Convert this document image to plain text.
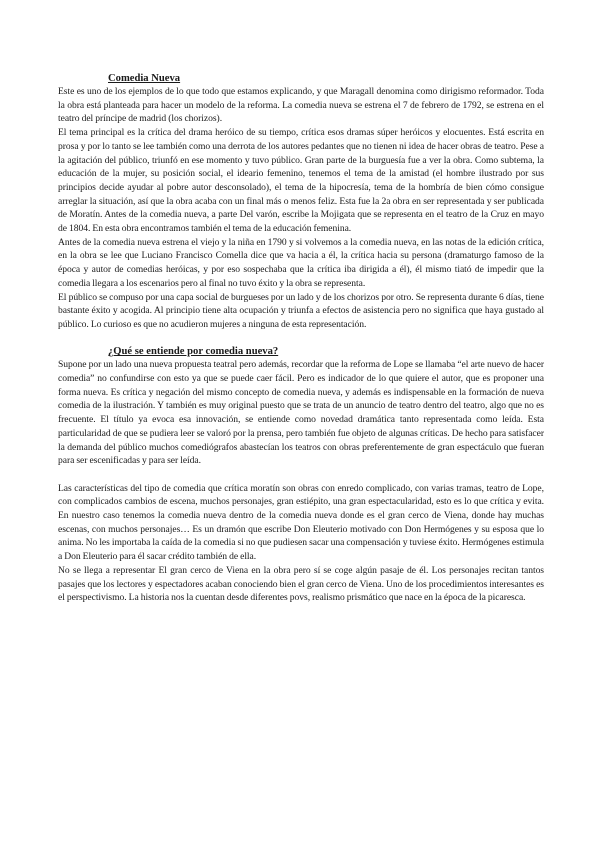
Comedia Nueva

Este es uno de los ejemplos de lo que todo que estamos explicando, y que Maragall denomina como dirigismo reformador. Toda la obra está planteada para hacer un modelo de la reforma. La comedia nueva se estrena el 7 de febrero de 1792, se estrena en el teatro del príncipe de madrid (los chorizos).

El tema principal es la crítica del drama heróico de su tiempo, crítica esos dramas súper heróicos y elocuentes. Está escrita en prosa y por lo tanto se lee también como una derrota de los autores pedantes que no tienen ni idea de hacer obras de teatro. Pese a la agitación del público, triunfó en ese momento y tuvo público. Gran parte de la burguesía fue a ver la obra. Como subtema, la educación de la mujer, su posición social, el ideario femenino, tenemos el tema de la amistad (el hombre ilustrado por sus principios decide ayudar al pobre autor desconsolado), el tema de la hipocresía, tema de la hombría de bien cómo consigue arreglar la situación, así que la obra acaba con un final más o menos feliz. Esta fue la 2a obra en ser representada y ser publicada de Moratín. Antes de la comedia nueva, a parte Del varón, escribe la Mojigata que se representa en el teatro de la Cruz en mayo de 1804. En esta obra encontramos también el tema de la educación femenina.

Antes de la comedia nueva estrena el viejo y la niña en 1790 y si volvemos a la comedia nueva, en las notas de la edición crítica, en la obra se lee que Luciano Francisco Comella dice que va hacia a él, la crítica hacia su persona (dramaturgo famoso de la época y autor de comedias heróicas, y por eso sospechaba que la crítica iba dirigida a él), él mismo tiató de impedir que la comedia llegara a los escenarios pero al final no tuvo éxito y la obra se representa.

El público se compuso por una capa social de burgueses por un lado y de los chorizos por otro. Se representa durante 6 días, tiene bastante éxito y acogida. Al principio tiene alta ocupación y triunfa a efectos de asistencia pero no significa que haya gustado al público. Lo curioso es que no acudieron mujeres a ninguna de esta representación.

¿Qué se entiende por comedia nueva?

Supone por un lado una nueva propuesta teatral pero además, recordar que la reforma de Lope se llamaba “el arte nuevo de hacer comedia” no confundirse con esto ya que se puede caer fácil. Pero es indicador de lo que quiere el autor, que es proponer una forma nueva. Es crítica y negación del mismo concepto de comedia nueva, y además es indispensable en la formación de nueva comedia de la ilustración. Y también es muy original puesto que se trata de un anuncio de teatro dentro del teatro, algo que no es frecuente. El título ya evoca esa innovación, se entiende como novedad dramática tanto representada como leída. Esta particularidad de que se pudiera leer se valoró por la prensa, pero también fue objeto de algunas críticas. De hecho para satisfacer la demanda del público muchos comediógrafos abastecían los teatros con obras preferentemente de gran espectáculo que fueran para ser escenificadas y para ser leída.

Las características del tipo de comedia que crítica moratín son obras con enredo complicado, con varias tramas, teatro de Lope, con complicados cambios de escena, muchos personajes, gran estiépito, una gran espectacularidad, esto es lo que crítica y evita. En nuestro caso tenemos la comedia nueva dentro de la comedia nueva donde es el gran cerco de Viena, donde hay muchas escenas, con muchos personajes… Es un dramón que escribe Don Eleuterio motivado con Don Hermógenes y su esposa que lo anima. No les importaba la caída de la comedia si no que pudiesen sacar una compensación y tuviese éxito. Hermógenes estimula a Don Eleuterio para él sacar crédito también de ella.

No se llega a representar El gran cerco de Viena en la obra pero sí se coge algún pasaje de él. Los personajes recitan tantos pasajes que los lectores y espectadores acaban conociendo bien el gran cerco de Viena. Uno de los procedimientos interesantes es el perspectivismo. La historia nos la cuentan desde diferentes povs, realismo prismático que nace en la época de la picaresca.
